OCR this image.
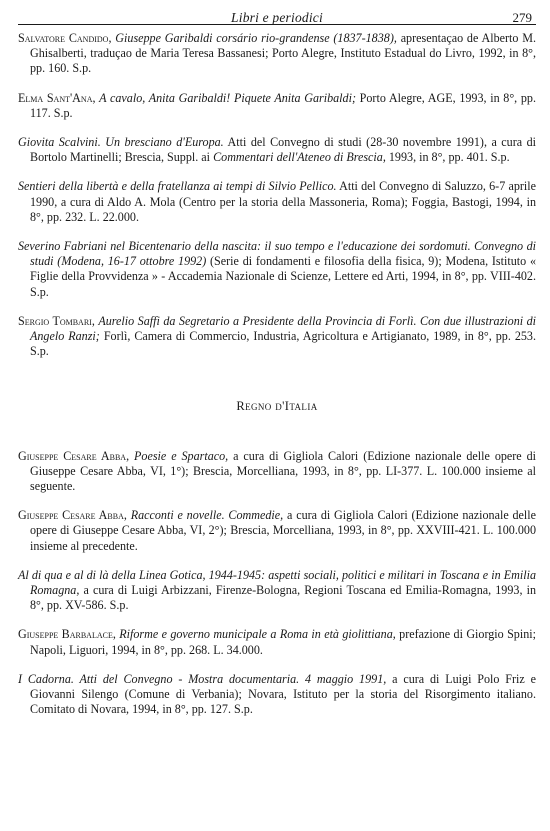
Libri e periodici	279
Salvatore Candido, Giuseppe Garibaldi corsário rio-grandense (1837-1838), apresentaçao de Alberto M. Ghisalberti, traduçao de Maria Teresa Bassanesi; Porto Alegre, Instituto Estadual do Livro, 1992, in 8°, pp. 160. S.p.
Elma Sant'Ana, A cavalo, Anita Garibaldi! Piquete Anita Garibaldi; Porto Alegre, AGE, 1993, in 8°, pp. 117. S.p.
Giovita Scalvini. Un bresciano d'Europa. Atti del Convegno di studi (28-30 novembre 1991), a cura di Bortolo Martinelli; Brescia, Suppl. ai Commentari dell'Ateneo di Brescia, 1993, in 8°, pp. 401. S.p.
Sentieri della libertà e della fratellanza ai tempi di Silvio Pellico. Atti del Convegno di Saluzzo, 6-7 aprile 1990, a cura di Aldo A. Mola (Centro per la storia della Massoneria, Roma); Foggia, Bastogi, 1994, in 8°, pp. 232. L. 22.000.
Severino Fabriani nel Bicentenario della nascita: il suo tempo e l'educazione dei sordomuti. Convegno di studi (Modena, 16-17 ottobre 1992) (Serie di fondamenti e filosofia della fisica, 9); Modena, Istituto « Figlie della Provvidenza » - Accademia Nazionale di Scienze, Lettere ed Arti, 1994, in 8°, pp. VIII-402. S.p.
Sergio Tombari, Aurelio Saffi da Segretario a Presidente della Provincia di Forlì. Con due illustrazioni di Angelo Ranzi; Forlì, Camera di Commercio, Industria, Agricoltura e Artigianato, 1989, in 8°, pp. 253. S.p.
Regno d'Italia
Giuseppe Cesare Abba, Poesie e Spartaco, a cura di Gigliola Calori (Edizione nazionale delle opere di Giuseppe Cesare Abba, VI, 1°); Brescia, Morcelliana, 1993, in 8°, pp. LI-377. L. 100.000 insieme al seguente.
Giuseppe Cesare Abba, Racconti e novelle. Commedie, a cura di Gigliola Calori (Edizione nazionale delle opere di Giuseppe Cesare Abba, VI, 2°); Brescia, Morcelliana, 1993, in 8°, pp. XXVIII-421. L. 100.000 insieme al precedente.
Al di qua e al di là della Linea Gotica, 1944-1945: aspetti sociali, politici e militari in Toscana e in Emilia Romagna, a cura di Luigi Arbizzani, Firenze-Bologna, Regioni Toscana ed Emilia-Romagna, 1993, in 8°, pp. XV-586. S.p.
Giuseppe Barbalace, Riforme e governo municipale a Roma in età giolittiana, prefazione di Giorgio Spini; Napoli, Liguori, 1994, in 8°, pp. 268. L. 34.000.
I Cadorna. Atti del Convegno - Mostra documentaria. 4 maggio 1991, a cura di Luigi Polo Friz e Giovanni Silengo (Comune di Verbania); Novara, Istituto per la storia del Risorgimento italiano. Comitato di Novara, 1994, in 8°, pp. 127. S.p.
